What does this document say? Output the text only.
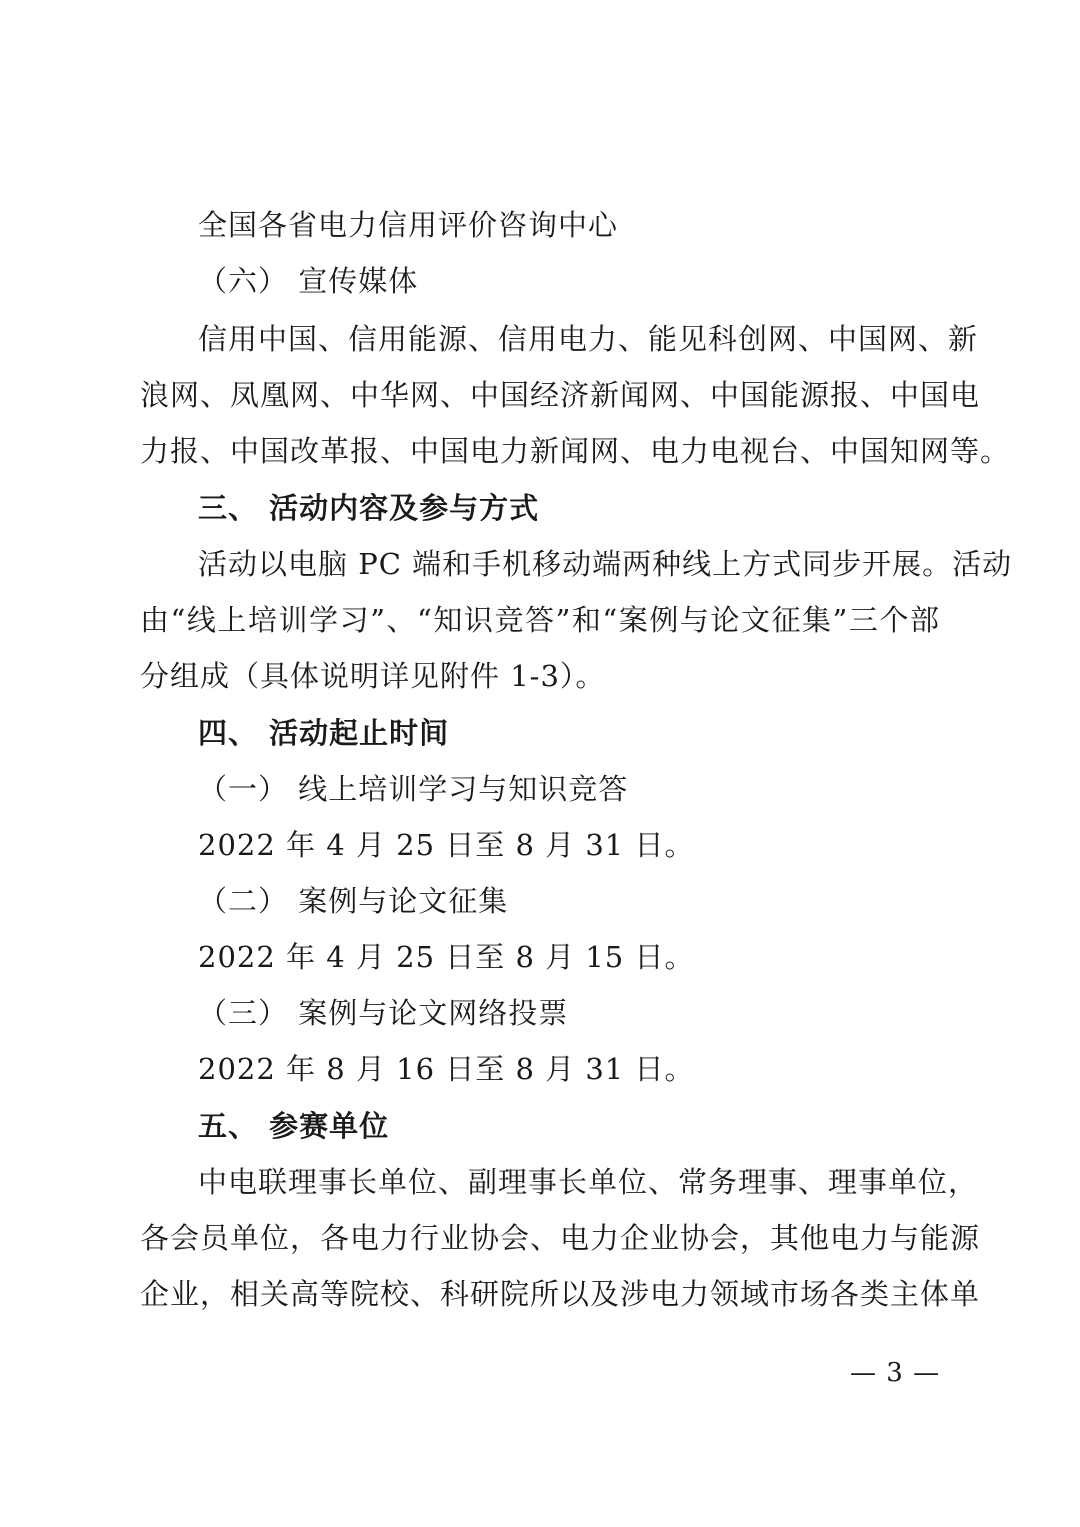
全国各省电力信用评价咨询中心
（六） 宣传媒体
信用中国、信用能源、信用电力、能见科创网、中国网、新
浪网、凤凰网、中华网、中国经济新闻网、中国能源报、中国电
力报、中国改革报、中国电力新闻网、电力电视台、中国知网等。
三、 活动内容及参与方式
活动以电脑 PC 端和手机移动端两种线上方式同步开展。活动
由“线上培训学习”、“知识竞答”和“案例与论文征集”三个部
分组成（具体说明详见附件 1-3）。
四、 活动起止时间
（一） 线上培训学习与知识竞答
2022 年 4 月 25 日至 8 月 31 日。
（二） 案例与论文征集
2022 年 4 月 25 日至 8 月 15 日。
（三） 案例与论文网络投票
2022 年 8 月 16 日至 8 月 31 日。
五、 参赛单位
中电联理事长单位、副理事长单位、常务理事、理事单位，
各会员单位，各电力行业协会、电力企业协会，其他电力与能源
企业，相关高等院校、科研院所以及涉电力领域市场各类主体单
— 3 —
